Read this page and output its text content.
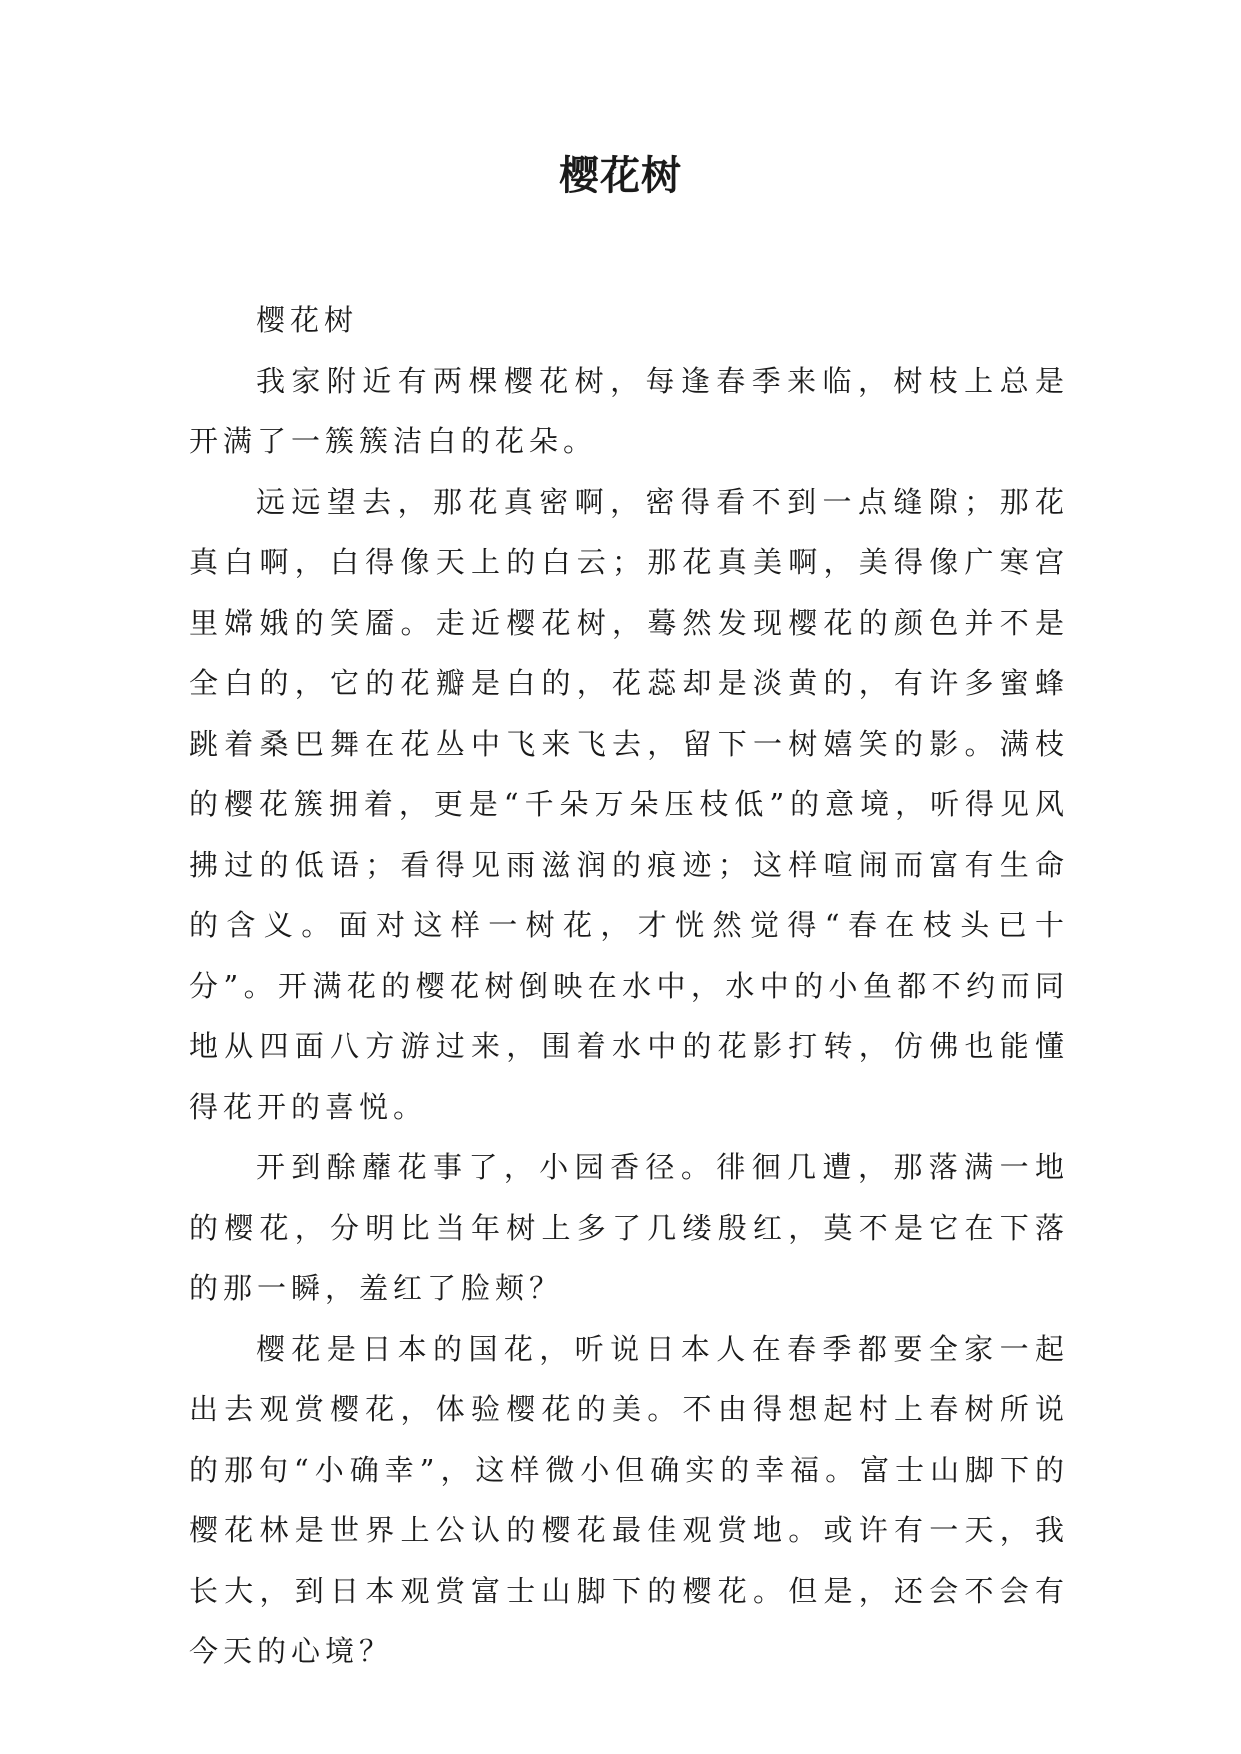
樱花树

樱花树

我家附近有两棵樱花树，每逢春季来临，树枝上总是开满了一簇簇洁白的花朵。

远远望去，那花真密啊，密得看不到一点缝隙；那花真白啊，白得像天上的白云；那花真美啊，美得像广寒宫里嫦娥的笑靥。走近樱花树，蓦然发现樱花的颜色并不是全白的，它的花瓣是白的，花蕊却是淡黄的，有许多蜜蜂跳着桑巴舞在花丛中飞来飞去，留下一树嬉笑的影。满枝的樱花簇拥着，更是“千朵万朵压枝低”的意境，听得见风拂过的低语；看得见雨滋润的痕迹；这样喧闹而富有生命的含义。面对这样一树花，才恍然觉得“春在枝头已十分”。开满花的樱花树倒映在水中，水中的小鱼都不约而同地从四面八方游过来，围着水中的花影打转，仿佛也能懂得花开的喜悦。

开到酴蘼花事了，小园香径。徘徊几遭，那落满一地的樱花，分明比当年树上多了几缕殷红，莫不是它在下落的那一瞬，羞红了脸颊？

樱花是日本的国花，听说日本人在春季都要全家一起出去观赏樱花，体验樱花的美。不由得想起村上春树所说的那句“小确幸”，这样微小但确实的幸福。富士山脚下的樱花林是世界上公认的樱花最佳观赏地。或许有一天，我长大，到日本观赏富士山脚下的樱花。但是，还会不会有今天的心境？
